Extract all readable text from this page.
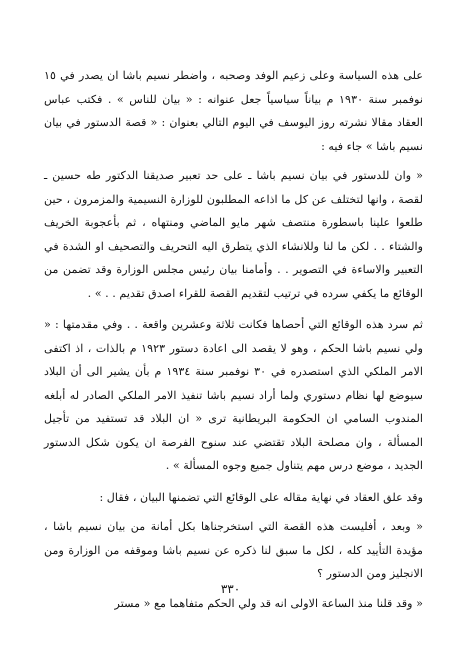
على هذه السياسة وعلى زعيم الوفد وصحبه ، واضطر نسيم باشا ان يصدر في ١٥ نوفمبر سنة ١٩٣٠ م بياناً سياسياً جعل عنوانه : « بيان للناس » . فكتب عباس العقاد مقالا نشرته روز اليوسف في اليوم التالي بعنوان : « قصة الدستور في بيان نسيم باشا » جاء فيه :

« وان للدستور في بيان نسيم باشا ـ على حد تعبير صديقنا الدكتور طه حسين ـ لقصة ، وانها لتختلف عن كل ما اذاعه المطلبون للوزارة النسيمية والمزمرون ، حين طلعوا علينا باسطورة منتصف شهر مايو الماضي ومنتهاه ، ثم بأعجوبة الخريف والشتاء . . لكن ما لنا وللانشاء الذي يتطرق اليه التحريف والتصحيف او الشدة في التعبير والاساءة في التصوير . . وأمامنا بيان رئيس مجلس الوزارة وقد تضمن من الوقائع ما يكفي سرده في ترتيب لتقديم القصة للقراء اصدق تقديم . . » .

ثم سرد هذه الوقائع التي أحصاها فكانت ثلاثة وعشرين واقعة . . وفي مقدمتها : « ولي نسيم باشا الحكم ، وهو لا يقصد الى اعادة دستور ١٩٢٣ م بالذات ، اذ اكتفى الامر الملكي الذي استصدره في ٣٠ نوفمبر سنة ١٩٣٤ م بأن يشير الى أن البلاد سيوضع لها نظام دستوري ولما أراد نسيم باشا تنفيذ الامر الملكي الصادر له أبلغه المندوب السامي ان الحكومة البريطانية ترى « ان البلاد قد تستفيد من تأجيل المسألة ، وان مصلحة البلاد تقتضي عند سنوح الفرصة ان يكون شكل الدستور الجديد ، موضع درس مهم يتناول جميع وجوه المسألة » .

وقد علق العقاد في نهاية مقاله على الوقائع التي تضمنها البيان ، فقال :

« وبعد ، أفليست هذه القصة التي استخرجناها بكل أمانة من بيان نسيم باشا ، مؤيدة التأييد كله ، لكل ما سبق لنا ذكره عن نسيم باشا وموقفه من الوزارة ومن الانجليز ومن الدستور ؟

« وقد قلنا منذ الساعة الاولى انه قد ولي الحكم متفاهما مع « مستر

٣٣٠
